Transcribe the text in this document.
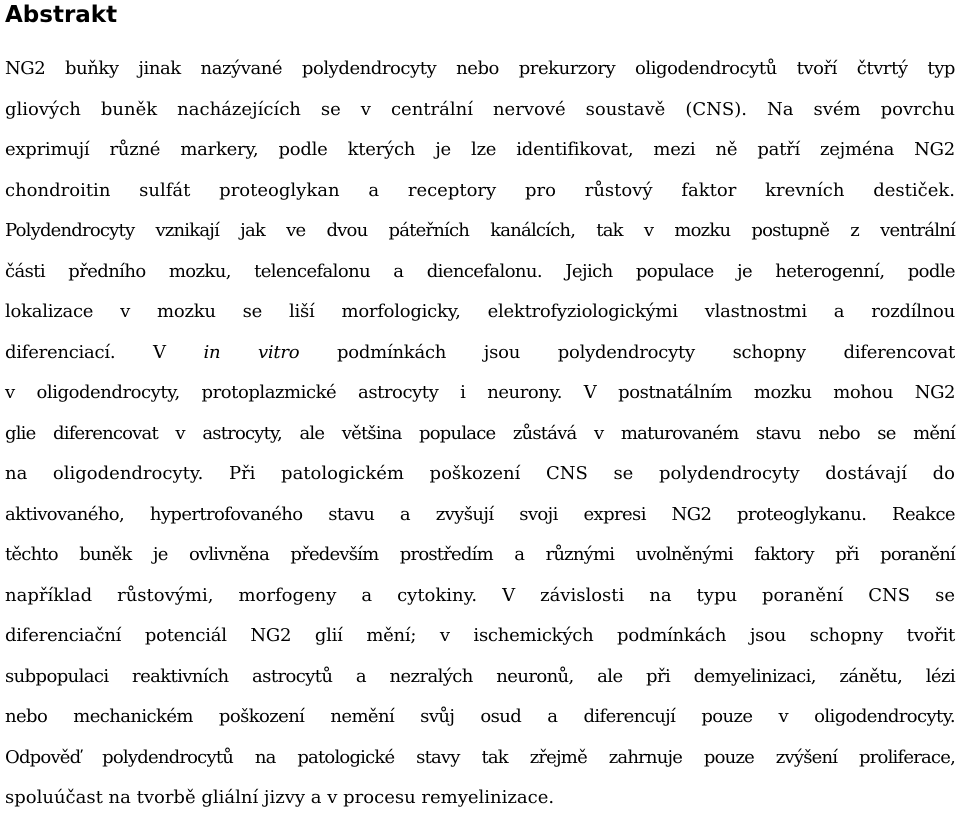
Abstrakt
NG2 buňky jinak nazývané polydendrocyty nebo prekurzory oligodendrocytů tvoří čtvrtý typ
gliových buněk nacházejících se v centrální nervové soustavě (CNS). Na svém povrchu
exprimují různé markery, podle kterých je lze identifikovat, mezi ně patří zejména NG2
chondroitin sulfát proteoglykan a receptory pro růstový faktor krevních destiček.
Polydendrocyty vznikají jak ve dvou páteřních kanálcích, tak v mozku postupně z ventrální
části předního mozku, telencefalonu a diencefalonu. Jejich populace je heterogenní, podle
lokalizace v mozku se liší morfologicky, elektrofyziologickými vlastnostmi a rozdílnou
diferenciací. V in vitro podmínkách jsou polydendrocyty schopny diferencovat
v oligodendrocyty, protoplazmické astrocyty i neurony. V postnatálním mozku mohou NG2
glie diferencovat v astrocyty, ale většina populace zůstává v maturovaném stavu nebo se mění
na oligodendrocyty. Při patologickém poškození CNS se polydendrocyty dostávají do
aktivovaného, hypertrofovaného stavu a zvyšují svoji expresi NG2 proteoglykanu. Reakce
těchto buněk je ovlivněna především prostředím a různými uvolněnými faktory při poranění
například růstovými, morfogeny a cytokiny. V závislosti na typu poranění CNS se
diferenciační potenciál NG2 glií mění; v ischemických podmínkách jsou schopny tvořit
subpopulaci reaktivních astrocytů a nezralých neuronů, ale při demyelinizaci, zánětu, lézi
nebo mechanickém poškození nemění svůj osud a diferencují pouze v oligodendrocyty.
Odpověď polydendrocytů na patologické stavy tak zřejmě zahrnuje pouze zvýšení proliferace,
spoluúčast na tvorbě gliální jizvy a v procesu remyelinizace.
